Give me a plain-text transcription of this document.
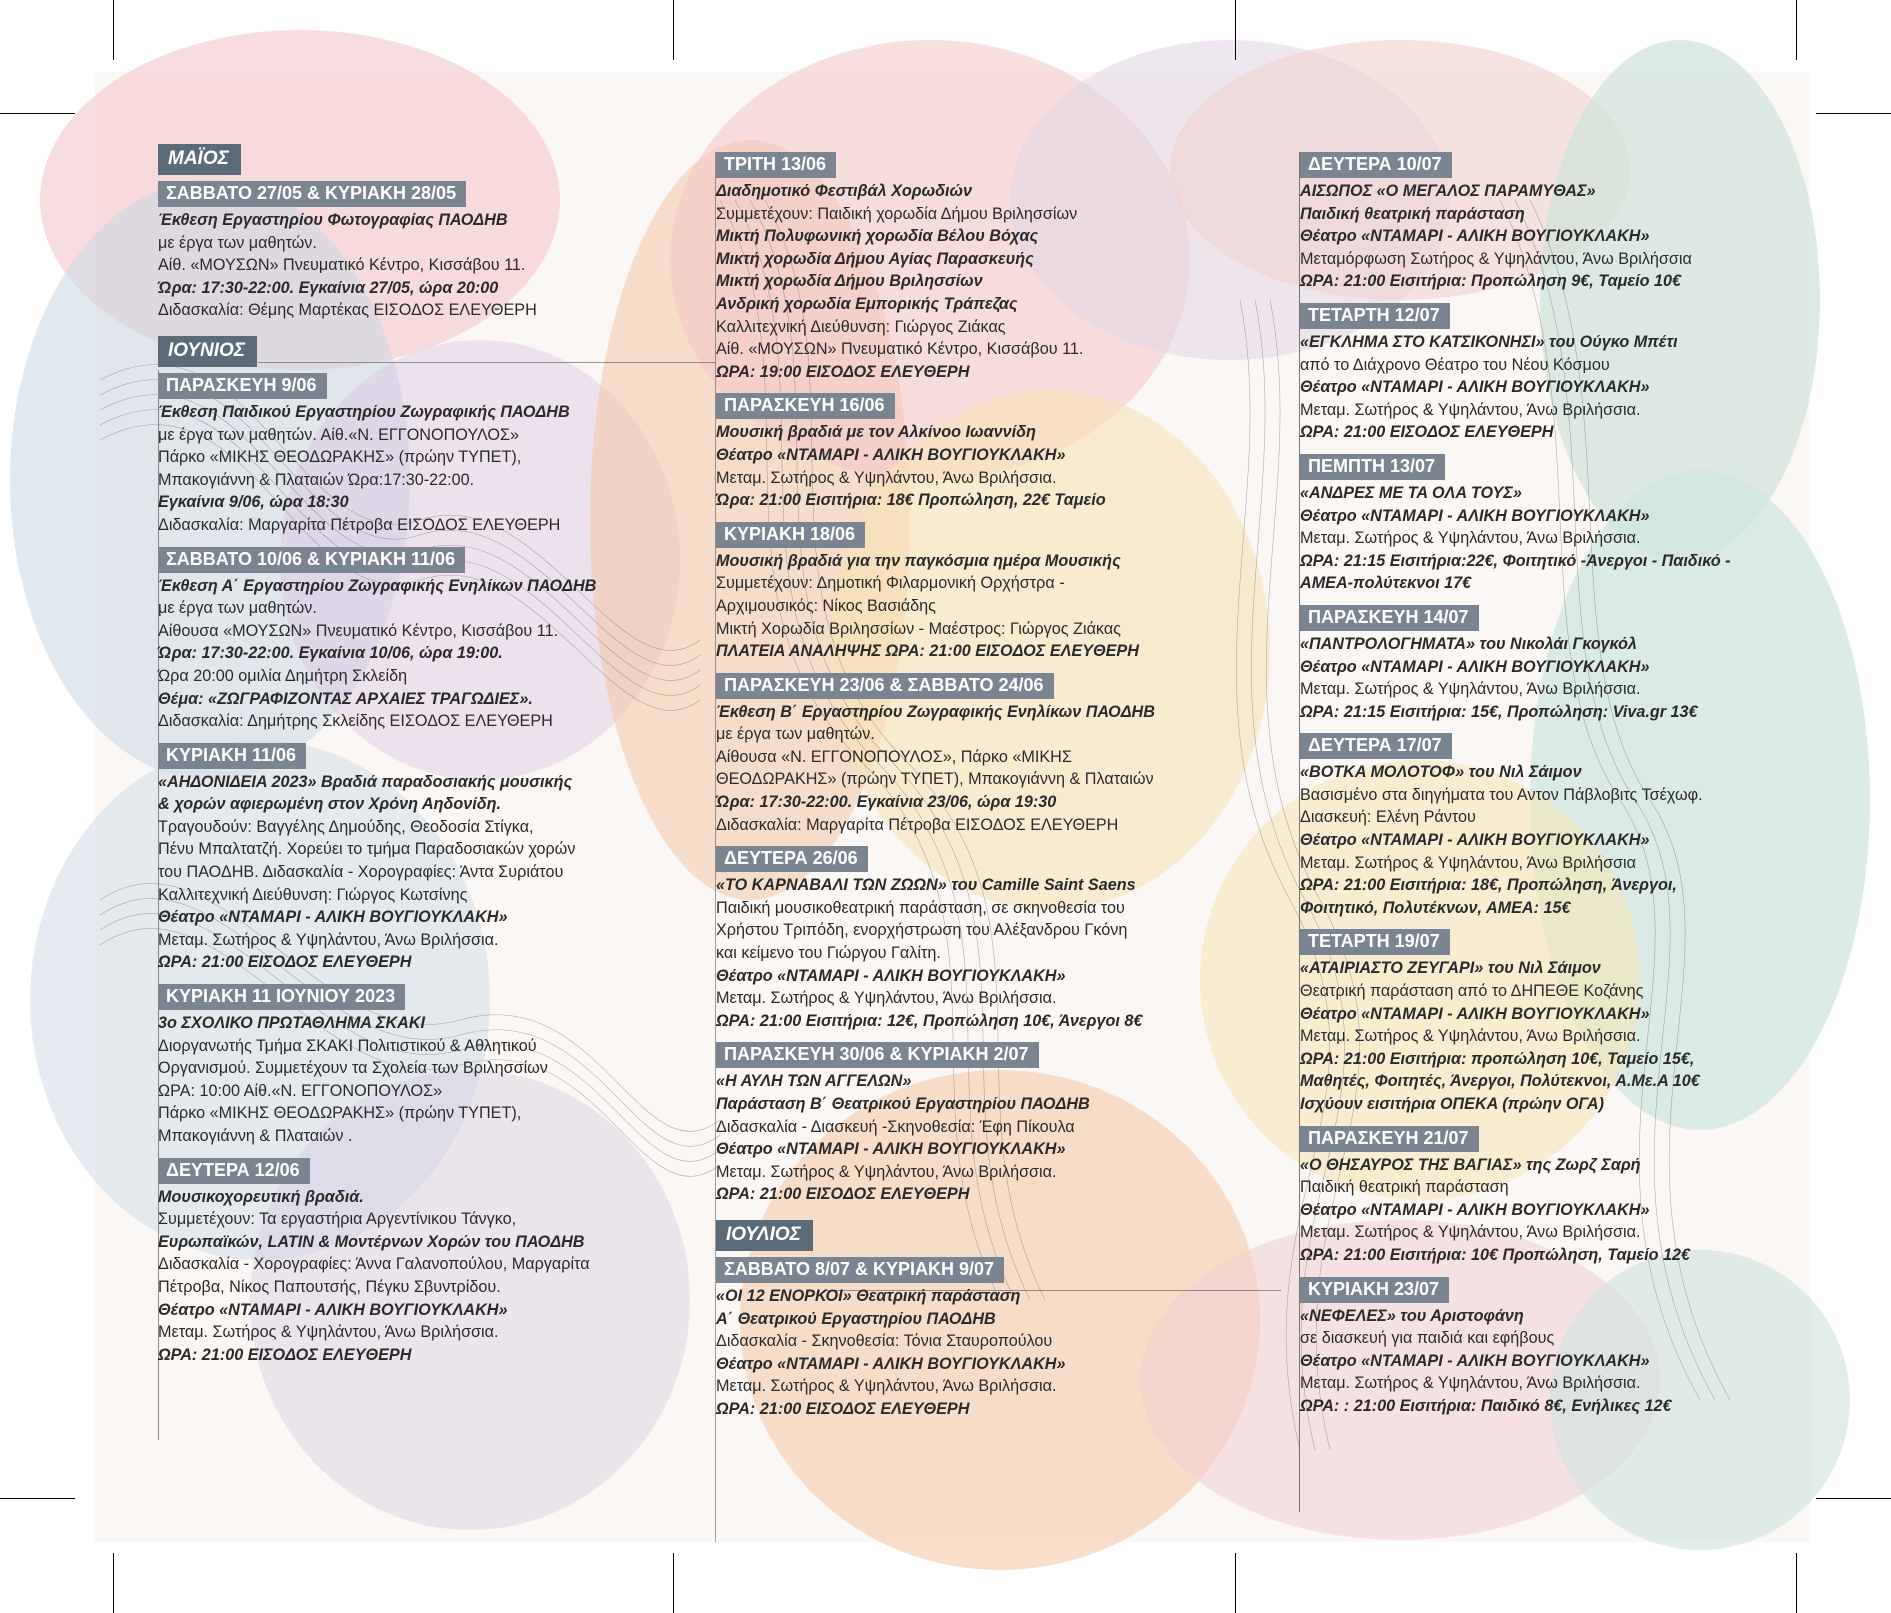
ΜΑΪΟΣ
ΣΑΒΒΑΤΟ 27/05 & ΚΥΡΙΑΚΗ 28/05
Έκθεση Εργαστηρίου Φωτογραφίας ΠΑΟΔΗΒ
με έργα των μαθητών.
Αίθ. «ΜΟΥΣΩΝ» Πνευματικό Κέντρο, Κισσάβου 11.
Ώρα: 17:30-22:00. Εγκαίνια 27/05, ώρα 20:00
Διδασκαλία: Θέμης Μαρτέκας ΕΙΣΟΔΟΣ ΕΛΕΥΘΕΡΗ
ΙΟΥΝΙΟΣ
ΠΑΡΑΣΚΕΥΗ 9/06
Έκθεση Παιδικού Εργαστηρίου Ζωγραφικής ΠΑΟΔΗΒ
με έργα των μαθητών. Αίθ.«Ν. ΕΓΓΟΝΟΠΟΥΛΟΣ»
Πάρκο «ΜΙΚΗΣ ΘΕΟΔΩΡΑΚΗΣ» (πρώην ΤΥΠΕΤ),
Μπακογιάννη & Πλαταιών Ώρα:17:30-22:00.
Εγκαίνια 9/06, ώρα 18:30
Διδασκαλία: Μαργαρίτα Πέτροβα ΕΙΣΟΔΟΣ ΕΛΕΥΘΕΡΗ
ΣΑΒΒΑΤΟ 10/06 & ΚΥΡΙΑΚΗ 11/06
Έκθεση Α΄ Εργαστηρίου Ζωγραφικής Ενηλίκων ΠΑΟΔΗΒ
με έργα των μαθητών.
Αίθουσα «ΜΟΥΣΩΝ» Πνευματικό Κέντρο, Κισσάβου 11.
Ώρα: 17:30-22:00. Εγκαίνια 10/06, ώρα 19:00.
Ώρα 20:00 ομιλία Δημήτρη Σκλείδη
Θέμα: «ΖΩΓΡΑΦΙΖΟΝΤΑΣ ΑΡΧΑΙΕΣ ΤΡΑΓΩΔΙΕΣ».
Διδασκαλία: Δημήτρης Σκλείδης ΕΙΣΟΔΟΣ ΕΛΕΥΘΕΡΗ
ΚΥΡΙΑΚΗ 11/06
«ΑΗΔΟΝΙΔΕΙΑ 2023» Βραδιά παραδοσιακής μουσικής
& χορών αφιερωμένη στον Χρόνη Αηδονίδη.
Τραγουδούν: Βαγγέλης Δημούδης, Θεοδοσία Στίγκα,
Πένυ Μπαλτατζή. Χορεύει το τμήμα Παραδοσιακών χορών
του ΠΑΟΔΗΒ. Διδασκαλία - Χορογραφίες: Άντα Συριάτου
Καλλιτεχνική Διεύθυνση: Γιώργος Κωτσίνης
Θέατρο «ΝΤΑΜΑΡΙ - ΑΛΙΚΗ ΒΟΥΓΙΟΥΚΛΑΚΗ»
Μεταμ. Σωτήρος & Υψηλάντου, Άνω Βριλήσσια.
ΩΡΑ: 21:00 ΕΙΣΟΔΟΣ ΕΛΕΥΘΕΡΗ
ΚΥΡΙΑΚΗ 11 ΙΟΥΝΙΟΥ 2023
3ο ΣΧΟΛΙΚΟ ΠΡΩΤΑΘΛΗΜΑ ΣΚΑΚΙ
Διοργανωτής Τμήμα ΣΚΑΚΙ Πολιτιστικού & Αθλητικού
Οργανισμού. Συμμετέχουν τα Σχολεία των Βριλησσίων
ΩΡΑ: 10:00 Αίθ.«Ν. ΕΓΓΟΝΟΠΟΥΛΟΣ»
Πάρκο «ΜΙΚΗΣ ΘΕΟΔΩΡΑΚΗΣ» (πρώην ΤΥΠΕΤ),
Μπακογιάννη & Πλαταιών .
ΔΕΥΤΕΡΑ 12/06
Μουσικοχορευτική βραδιά.
Συμμετέχουν: Τα εργαστήρια Αργεντίνικου Τάνγκο,
Ευρωπαϊκών, LATIN & Μοντέρνων Χορών του ΠΑΟΔΗΒ
Διδασκαλία - Χορογραφίες: Άννα Γαλανοπούλου, Μαργαρίτα
Πέτροβα, Νίκος Παπουτσής, Πέγκυ Σβυντρίδου.
Θέατρο «ΝΤΑΜΑΡΙ - ΑΛΙΚΗ ΒΟΥΓΙΟΥΚΛΑΚΗ»
Μεταμ. Σωτήρος & Υψηλάντου, Άνω Βριλήσσια.
ΩΡΑ: 21:00 ΕΙΣΟΔΟΣ ΕΛΕΥΘΕΡΗ
ΤΡΙΤΗ 13/06
Διαδημοτικό Φεστιβάλ Χορωδιών
Συμμετέχουν: Παιδική χορωδία Δήμου Βριλησσίων
Μικτή Πολυφωνική χορωδία Βέλου Βόχας
Μικτή χορωδία Δήμου Αγίας Παρασκευής
Μικτή χορωδία Δήμου Βριλησσίων
Ανδρική χορωδία Εμπορικής Τράπεζας
Καλλιτεχνική Διεύθυνση: Γιώργος Ζιάκας
Αίθ. «ΜΟΥΣΩΝ» Πνευματικό Κέντρο, Κισσάβου 11.
ΩΡΑ: 19:00 ΕΙΣΟΔΟΣ ΕΛΕΥΘΕΡΗ
ΠΑΡΑΣΚΕΥΗ 16/06
Μουσική βραδιά με τον Αλκίνοο Ιωαννίδη
Θέατρο «ΝΤΑΜΑΡΙ - ΑΛΙΚΗ ΒΟΥΓΙΟΥΚΛΑΚΗ»
Μεταμ. Σωτήρος & Υψηλάντου, Άνω Βριλήσσια.
Ώρα: 21:00 Εισιτήρια: 18€ Προπώληση, 22€ Ταμείο
ΚΥΡΙΑΚΗ 18/06
Μουσική βραδιά για την παγκόσμια ημέρα Μουσικής
Συμμετέχουν: Δημοτική Φιλαρμονική Ορχήστρα -
Αρχιμουσικός: Νίκος Βασιάδης
Μικτή Χορωδία Βριλησσίων - Μαέστρος: Γιώργος Ζιάκας
ΠΛΑΤΕΙΑ ΑΝΑΛΗΨΗΣ ΩΡΑ: 21:00 ΕΙΣΟΔΟΣ ΕΛΕΥΘΕΡΗ
ΠΑΡΑΣΚΕΥΗ 23/06 & ΣΑΒΒΑΤΟ 24/06
Έκθεση Β΄ Εργαστηρίου Ζωγραφικής Ενηλίκων ΠΑΟΔΗΒ
με έργα των μαθητών.
Αίθουσα «Ν. ΕΓΓΟΝΟΠΟΥΛΟΣ», Πάρκο «ΜΙΚΗΣ
ΘΕΟΔΩΡΑΚΗΣ» (πρώην ΤΥΠΕΤ), Μπακογιάννη & Πλαταιών
Ώρα: 17:30-22:00. Εγκαίνια 23/06, ώρα 19:30
Διδασκαλία: Μαργαρίτα Πέτροβα ΕΙΣΟΔΟΣ ΕΛΕΥΘΕΡΗ
ΔΕΥΤΕΡΑ 26/06
«ΤΟ ΚΑΡΝΑΒΑΛΙ ΤΩΝ ΖΩΩΝ» του Camille Saint Saens
Παιδική μουσικοθεατρική παράσταση, σε σκηνοθεσία του
Χρήστου Τριπόδη, ενορχήστρωση του Αλέξανδρου Γκόνη
και κείμενο του Γιώργου Γαλίτη.
Θέατρο «ΝΤΑΜΑΡΙ - ΑΛΙΚΗ ΒΟΥΓΙΟΥΚΛΑΚΗ»
Μεταμ. Σωτήρος & Υψηλάντου, Άνω Βριλήσσια.
ΩΡΑ: 21:00 Εισιτήρια: 12€, Προπώληση 10€, Άνεργοι 8€
ΠΑΡΑΣΚΕΥΗ 30/06 & ΚΥΡΙΑΚΗ 2/07
«Η ΑΥΛΗ ΤΩΝ ΑΓΓΕΛΩΝ»
Παράσταση Β΄ Θεατρικού Εργαστηρίου ΠΑΟΔΗΒ
Διδασκαλία - Διασκευή -Σκηνοθεσία: Έφη Πίκουλα
Θέατρο «ΝΤΑΜΑΡΙ - ΑΛΙΚΗ ΒΟΥΓΙΟΥΚΛΑΚΗ»
Μεταμ. Σωτήρος & Υψηλάντου, Άνω Βριλήσσια.
ΩΡΑ: 21:00 ΕΙΣΟΔΟΣ ΕΛΕΥΘΕΡΗ
ΙΟΥΛΙΟΣ
ΣΑΒΒΑΤΟ 8/07 & ΚΥΡΙΑΚΗ 9/07
«ΟΙ 12 ΕΝΟΡΚΟΙ» Θεατρική παράσταση
Α΄ Θεατρικού Εργαστηρίου ΠΑΟΔΗΒ
Διδασκαλία - Σκηνοθεσία: Τόνια Σταυροπούλου
Θέατρο «ΝΤΑΜΑΡΙ - ΑΛΙΚΗ ΒΟΥΓΙΟΥΚΛΑΚΗ»
Μεταμ. Σωτήρος & Υψηλάντου, Άνω Βριλήσσια.
ΩΡΑ: 21:00 ΕΙΣΟΔΟΣ ΕΛΕΥΘΕΡΗ
ΔΕΥΤΕΡΑ 10/07
ΑΙΣΩΠΟΣ «Ο ΜΕΓΑΛΟΣ ΠΑΡΑΜΥΘΑΣ»
Παιδική θεατρική παράσταση
Θέατρο «ΝΤΑΜΑΡΙ - ΑΛΙΚΗ ΒΟΥΓΙΟΥΚΛΑΚΗ»
Μεταμόρφωση Σωτήρος & Υψηλάντου, Άνω Βριλήσσια
ΩΡΑ: 21:00 Εισιτήρια: Προπώληση 9€, Ταμείο 10€
ΤΕΤΑΡΤΗ 12/07
«ΕΓΚΛΗΜΑ ΣΤΟ ΚΑΤΣΙΚΟΝΗΣΙ» του Ούγκο Μπέτι
από το Διάχρονο Θέατρο του Νέου Κόσμου
Θέατρο «ΝΤΑΜΑΡΙ - ΑΛΙΚΗ ΒΟΥΓΙΟΥΚΛΑΚΗ»
Μεταμ. Σωτήρος & Υψηλάντου, Άνω Βριλήσσια.
ΩΡΑ: 21:00 ΕΙΣΟΔΟΣ ΕΛΕΥΘΕΡΗ
ΠΕΜΠΤΗ 13/07
«ΑΝΔΡΕΣ ΜΕ ΤΑ ΟΛΑ ΤΟΥΣ»
Θέατρο «ΝΤΑΜΑΡΙ - ΑΛΙΚΗ ΒΟΥΓΙΟΥΚΛΑΚΗ»
Μεταμ. Σωτήρος & Υψηλάντου, Άνω Βριλήσσια.
ΩΡΑ: 21:15 Εισιτήρια:22€, Φοιτητικό -Άνεργοι - Παιδικό -
ΑΜΕΑ-πολύτεκνοι 17€
ΠΑΡΑΣΚΕΥΗ 14/07
«ΠΑΝΤΡΟΛΟΓΗΜΑΤΑ» του Νικολάι Γκογκόλ
Θέατρο «ΝΤΑΜΑΡΙ - ΑΛΙΚΗ ΒΟΥΓΙΟΥΚΛΑΚΗ»
Μεταμ. Σωτήρος & Υψηλάντου, Άνω Βριλήσσια.
ΩΡΑ: 21:15 Εισιτήρια: 15€, Προπώληση: Viva.gr 13€
ΔΕΥΤΕΡΑ 17/07
«ΒΟΤΚΑ ΜΟΛΟΤΟΦ» του Νιλ Σάιμον
Βασισμένο στα διηγήματα του Αντον Πάβλοβιτς Τσέχωφ.
Διασκευή: Ελένη Ράντου
Θέατρο «ΝΤΑΜΑΡΙ - ΑΛΙΚΗ ΒΟΥΓΙΟΥΚΛΑΚΗ»
Μεταμ. Σωτήρος & Υψηλάντου, Άνω Βριλήσσια
ΩΡΑ: 21:00 Εισιτήρια: 18€, Προπώληση, Άνεργοι,
Φοιτητικό, Πολυτέκνων, ΑΜΕΑ: 15€
ΤΕΤΑΡΤΗ 19/07
«ΑΤΑΙΡΙΑΣΤΟ ΖΕΥΓΑΡΙ» του Νιλ Σάιμον
Θεατρική παράσταση από το ΔΗΠΕΘΕ Κοζάνης
Θέατρο «ΝΤΑΜΑΡΙ - ΑΛΙΚΗ ΒΟΥΓΙΟΥΚΛΑΚΗ»
Μεταμ. Σωτήρος & Υψηλάντου, Άνω Βριλήσσια.
ΩΡΑ: 21:00 Εισιτήρια: προπώληση 10€, Ταμείο 15€,
Μαθητές, Φοιτητές, Άνεργοι, Πολύτεκνοι, Α.Με.Α 10€
Ισχύουν εισιτήρια ΟΠΕΚΑ (πρώην ΟΓΑ)
ΠΑΡΑΣΚΕΥΗ 21/07
«Ο ΘΗΣΑΥΡΟΣ ΤΗΣ ΒΑΓΙΑΣ» της Ζωρζ Σαρή
Παιδική θεατρική παράσταση
Θέατρο «ΝΤΑΜΑΡΙ - ΑΛΙΚΗ ΒΟΥΓΙΟΥΚΛΑΚΗ»
Μεταμ. Σωτήρος & Υψηλάντου, Άνω Βριλήσσια.
ΩΡΑ: 21:00 Εισιτήρια: 10€ Προπώληση, Ταμείο 12€
ΚΥΡΙΑΚΗ 23/07
«ΝΕΦΕΛΕΣ» του Αριστοφάνη
σε διασκευή για παιδιά και εφήβους
Θέατρο «ΝΤΑΜΑΡΙ - ΑΛΙΚΗ ΒΟΥΓΙΟΥΚΛΑΚΗ»
Μεταμ. Σωτήρος & Υψηλάντου, Άνω Βριλήσσια.
ΩΡΑ: : 21:00 Εισιτήρια: Παιδικό 8€, Ενήλικες 12€
